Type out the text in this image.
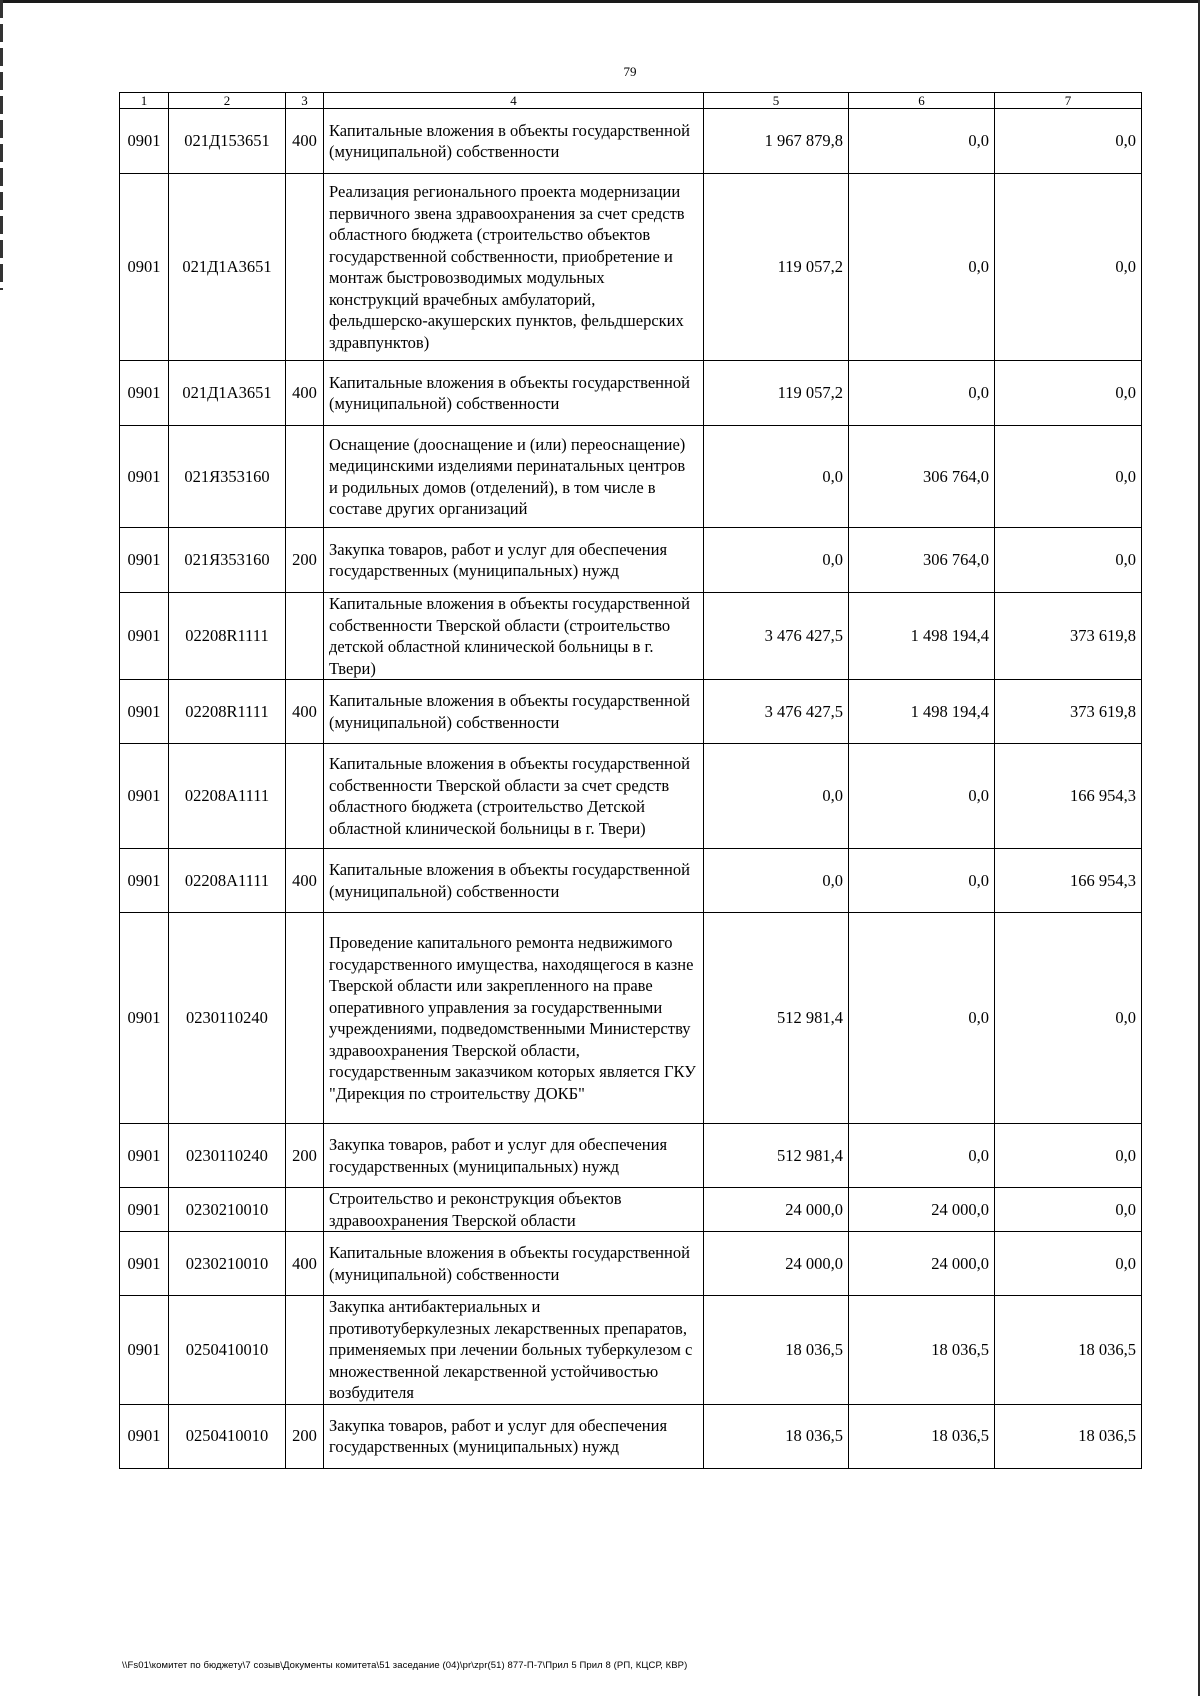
79
1	2	3	4	5	6	7
0901	021Д153651	400	Капитальные вложения в объекты государственной (муниципальной) собственности	1 967 879,8	0,0	0,0
0901	021Д1А3651		Реализация регионального проекта модернизации первичного звена здравоохранения за счет средств областного бюджета (строительство объектов государственной собственности, приобретение и монтаж быстровозводимых модульных конструкций врачебных амбулаторий, фельдшерско-акушерских пунктов, фельдшерских здравпунктов)	119 057,2	0,0	0,0
0901	021Д1А3651	400	Капитальные вложения в объекты государственной (муниципальной) собственности	119 057,2	0,0	0,0
0901	021Я353160		Оснащение (дооснащение и (или) переоснащение) медицинскими изделиями перинатальных центров и родильных домов (отделений), в том числе в составе других организаций	0,0	306 764,0	0,0
0901	021Я353160	200	Закупка товаров, работ и услуг для обеспечения государственных (муниципальных) нужд	0,0	306 764,0	0,0
0901	02208R1111		Капитальные вложения в объекты государственной собственности Тверской области (строительство детской областной клинической больницы в г. Твери)	3 476 427,5	1 498 194,4	373 619,8
0901	02208R1111	400	Капитальные вложения в объекты государственной (муниципальной) собственности	3 476 427,5	1 498 194,4	373 619,8
0901	02208A1111		Капитальные вложения в объекты государственной собственности Тверской области за счет средств областного бюджета (строительство Детской областной клинической больницы в г. Твери)	0,0	0,0	166 954,3
0901	02208A1111	400	Капитальные вложения в объекты государственной (муниципальной) собственности	0,0	0,0	166 954,3
0901	0230110240		Проведение капитального ремонта недвижимого государственного имущества, находящегося в казне Тверской области или закрепленного на праве оперативного управления за государственными учреждениями, подведомственными Министерству здравоохранения Тверской области, государственным заказчиком которых является ГКУ "Дирекция по строительству ДОКБ"	512 981,4	0,0	0,0
0901	0230110240	200	Закупка товаров, работ и услуг для обеспечения государственных (муниципальных) нужд	512 981,4	0,0	0,0
0901	0230210010		Строительство и реконструкция объектов здравоохранения Тверской области	24 000,0	24 000,0	0,0
0901	0230210010	400	Капитальные вложения в объекты государственной (муниципальной) собственности	24 000,0	24 000,0	0,0
0901	0250410010		Закупка антибактериальных и противотуберкулезных лекарственных препаратов, применяемых при лечении больных туберкулезом с множественной лекарственной устойчивостью возбудителя	18 036,5	18 036,5	18 036,5
0901	0250410010	200	Закупка товаров, работ и услуг для обеспечения государственных (муниципальных) нужд	18 036,5	18 036,5	18 036,5
\\Fs01\комитет по бюджету\7 созыв\Документы комитета\51 заседание (04)\pr\zpr(51) 877-П-7\Прил 5 Прил 8 (РП, КЦСР, КВР)
